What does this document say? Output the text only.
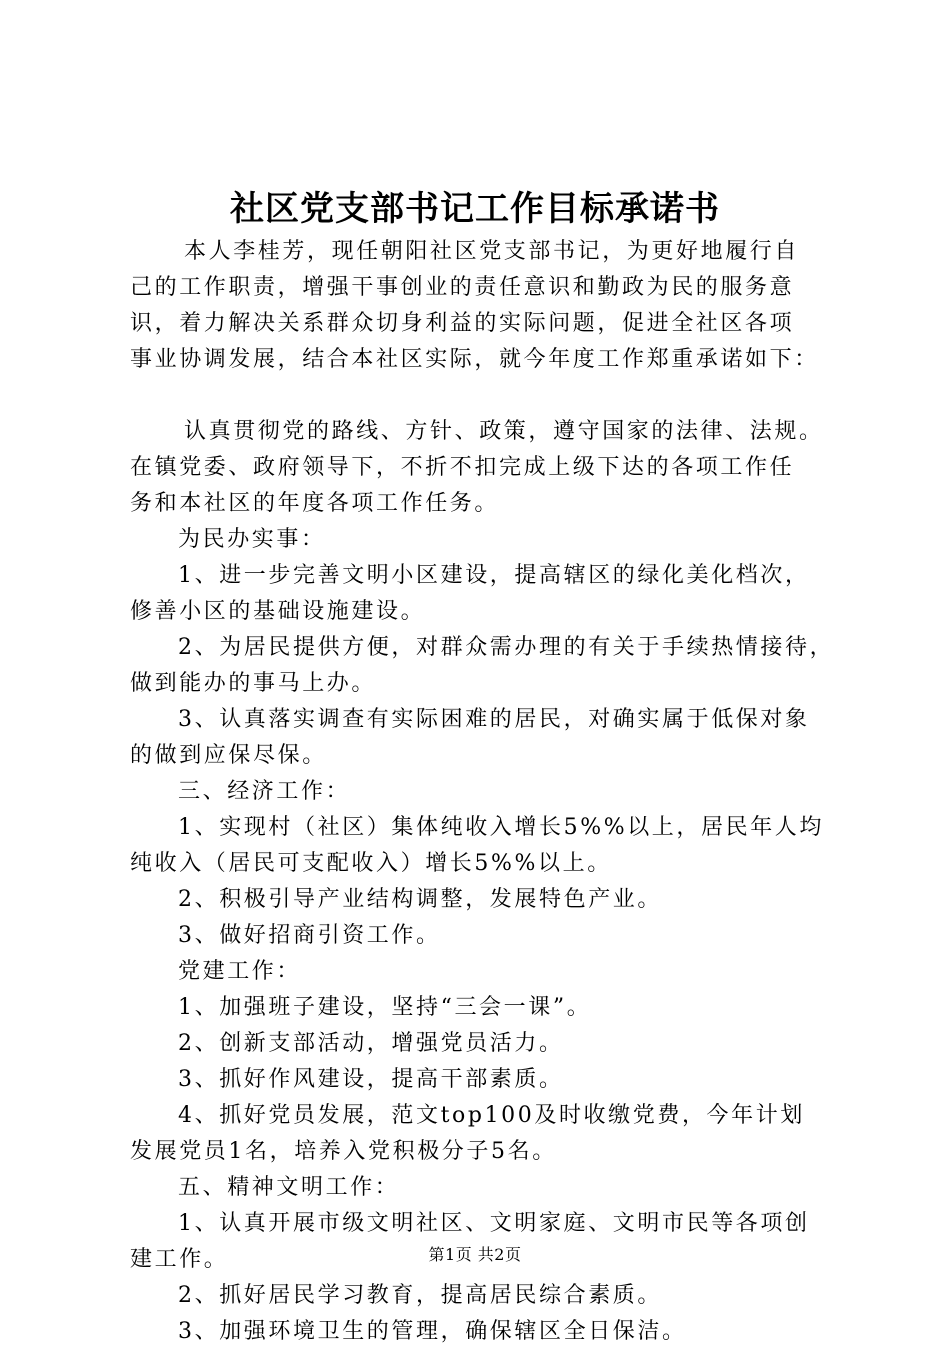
社区党支部书记工作目标承诺书
本人李桂芳，现任朝阳社区党支部书记，为更好地履行自
己的工作职责，增强干事创业的责任意识和勤政为民的服务意
识，着力解决关系群众切身利益的实际问题，促进全社区各项
事业协调发展，结合本社区实际，就今年度工作郑重承诺如下：
认真贯彻党的路线、方针、政策，遵守国家的法律、法规。
在镇党委、政府领导下，不折不扣完成上级下达的各项工作任
务和本社区的年度各项工作任务。
为民办实事：
1、进一步完善文明小区建设，提高辖区的绿化美化档次，
修善小区的基础设施建设。
2、为居民提供方便，对群众需办理的有关于手续热情接待，
做到能办的事马上办。
3、认真落实调查有实际困难的居民，对确实属于低保对象
的做到应保尽保。
三、经济工作：
1、实现村（社区）集体纯收入增长5%%以上，居民年人均
纯收入（居民可支配收入）增长5%%以上。
2、积极引导产业结构调整，发展特色产业。
3、做好招商引资工作。
党建工作：
1、加强班子建设，坚持“三会一课”。
2、创新支部活动，增强党员活力。
3、抓好作风建设，提高干部素质。
4、抓好党员发展，范文top100及时收缴党费，今年计划
发展党员1名，培养入党积极分子5名。
五、精神文明工作：
1、认真开展市级文明社区、文明家庭、文明市民等各项创
建工作。
2、抓好居民学习教育，提高居民综合素质。
3、加强环境卫生的管理，确保辖区全日保洁。
第1页 共2页
